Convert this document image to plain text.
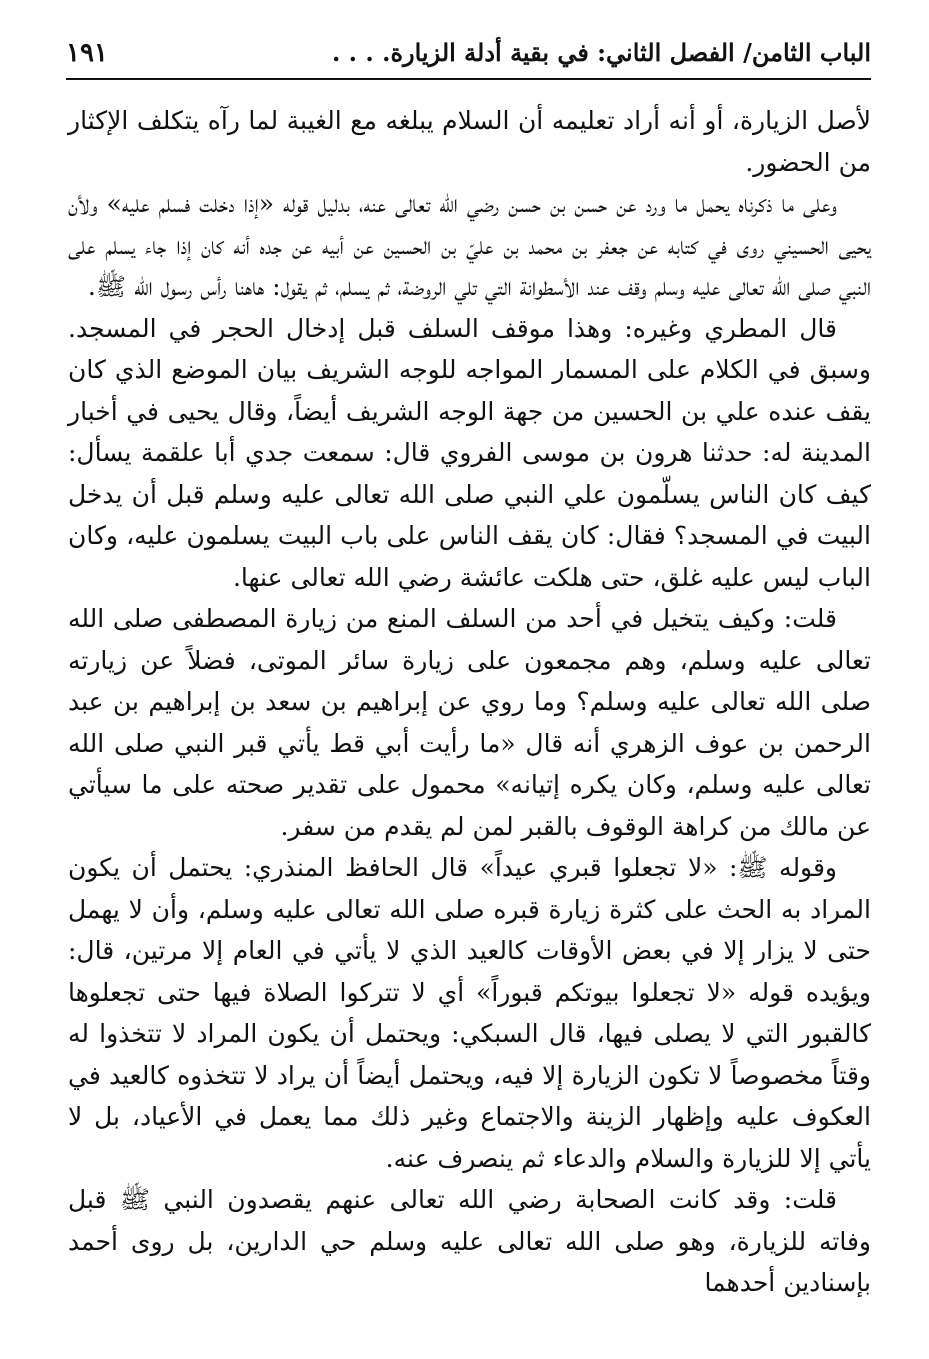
الباب الثامن/ الفصل الثاني: في بقية أدلة الزيارة. . . .
١٩١

لأصل الزيارة، أو أنه أراد تعليمه أن السلام يبلغه مع الغيبة لما رآه يتكلف الإكثار من الحضور.

وعلى ما ذكرناه يحمل ما ورد عن حسن بن حسن رضي الله تعالى عنه، بدليل قوله «إذا دخلت فسلم عليه» ولأن يحيى الحسيني روى في كتابه عن جعفر بن محمد بن عليّ بن الحسين عن أبيه عن جده أنه كان إذا جاء يسلم على النبي صلى الله تعالى عليه وسلم وقف عند الأسطوانة التي تلي الروضة، ثم يسلم، ثم يقول: هاهنا رأس رسول الله ﷺ.

قال المطري وغيره: وهذا موقف السلف قبل إدخال الحجر في المسجد. وسبق في الكلام على المسمار المواجه للوجه الشريف بيان الموضع الذي كان يقف عنده علي بن الحسين من جهة الوجه الشريف أيضاً، وقال يحيى في أخبار المدينة له: حدثنا هرون بن موسى الفروي قال: سمعت جدي أبا علقمة يسأل: كيف كان الناس يسلّمون علي النبي صلى الله تعالى عليه وسلم قبل أن يدخل البيت في المسجد؟ فقال: كان يقف الناس على باب البيت يسلمون عليه، وكان الباب ليس عليه غلق، حتى هلكت عائشة رضي الله تعالى عنها.

قلت: وكيف يتخيل في أحد من السلف المنع من زيارة المصطفى صلى الله تعالى عليه وسلم، وهم مجمعون على زيارة سائر الموتى، فضلاً عن زيارته صلى الله تعالى عليه وسلم؟ وما روي عن إبراهيم بن سعد بن إبراهيم بن عبد الرحمن بن عوف الزهري أنه قال «ما رأيت أبي قط يأتي قبر النبي صلى الله تعالى عليه وسلم، وكان يكره إتيانه» محمول على تقدير صحته على ما سيأتي عن مالك من كراهة الوقوف بالقبر لمن لم يقدم من سفر.

وقوله ﷺ: «لا تجعلوا قبري عيداً» قال الحافظ المنذري: يحتمل أن يكون المراد به الحث على كثرة زيارة قبره صلى الله تعالى عليه وسلم، وأن لا يهمل حتى لا يزار إلا في بعض الأوقات كالعيد الذي لا يأتي في العام إلا مرتين، قال: ويؤيده قوله «لا تجعلوا بيوتكم قبوراً» أي لا تتركوا الصلاة فيها حتى تجعلوها كالقبور التي لا يصلى فيها، قال السبكي: ويحتمل أن يكون المراد لا تتخذوا له وقتاً مخصوصاً لا تكون الزيارة إلا فيه، ويحتمل أيضاً أن يراد لا تتخذوه كالعيد في العكوف عليه وإظهار الزينة والاجتماع وغير ذلك مما يعمل في الأعياد، بل لا يأتي إلا للزيارة والسلام والدعاء ثم ينصرف عنه.

قلت: وقد كانت الصحابة رضي الله تعالى عنهم يقصدون النبي ﷺ قبل وفاته للزيارة، وهو صلى الله تعالى عليه وسلم حي الدارين، بل روى أحمد بإسنادين أحدهما
